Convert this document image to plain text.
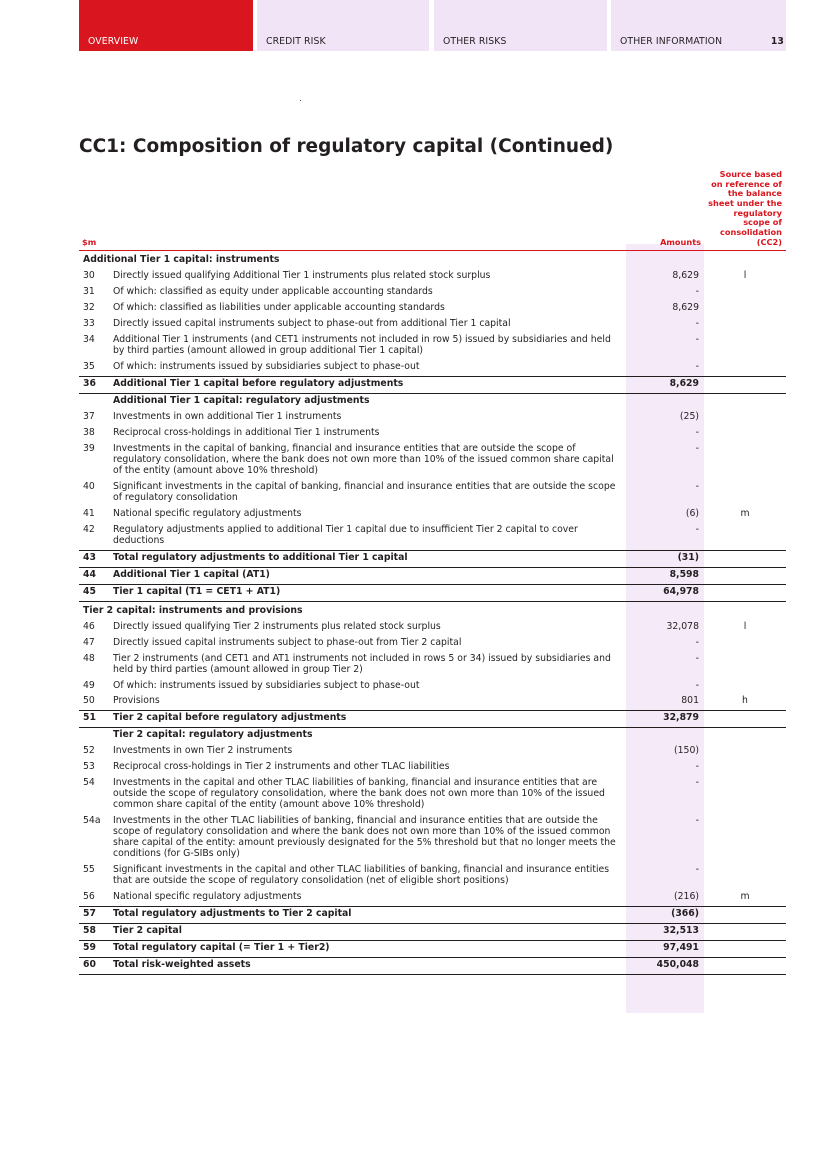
OVERVIEW	CREDIT RISK	OTHER RISKS	OTHER INFORMATION	13
CC1: Composition of regulatory capital (Continued)
$m		Amounts	Source based on reference of the balance sheet under the regulatory scope of consolidation (CC2)
Additional Tier 1 capital: instruments			
30	Directly issued qualifying Additional Tier 1 instruments plus related stock surplus	8,629	l
31	Of which: classified as equity under applicable accounting standards	-	
32	Of which: classified as liabilities under applicable accounting standards	8,629	
33	Directly issued capital instruments subject to phase-out from additional Tier 1 capital	-	
34	Additional Tier 1 instruments (and CET1 instruments not included in row 5) issued by subsidiaries and held by third parties (amount allowed in group additional Tier 1 capital)	-	
35	Of which: instruments issued by subsidiaries subject to phase-out	-	
36	Additional Tier 1 capital before regulatory adjustments	8,629	
	Additional Tier 1 capital: regulatory adjustments		
37	Investments in own additional Tier 1 instruments	(25)	
38	Reciprocal cross-holdings in additional Tier 1 instruments	-	
39	Investments in the capital of banking, financial and insurance entities that are outside the scope of regulatory consolidation, where the bank does not own more than 10% of the issued common share capital of the entity (amount above 10% threshold)	-	
40	Significant investments in the capital of banking, financial and insurance entities that are outside the scope of regulatory consolidation	-	
41	National specific regulatory adjustments	(6)	m
42	Regulatory adjustments applied to additional Tier 1 capital due to insufficient Tier 2 capital to cover deductions	-	
43	Total regulatory adjustments to additional Tier 1 capital	(31)	
44	Additional Tier 1 capital (AT1)	8,598	
45	Tier 1 capital (T1 = CET1 + AT1)	64,978	
Tier 2 capital: instruments and provisions			
46	Directly issued qualifying Tier 2 instruments plus related stock surplus	32,078	l
47	Directly issued capital instruments subject to phase-out from Tier 2 capital	-	
48	Tier 2 instruments (and CET1 and AT1 instruments not included in rows 5 or 34) issued by subsidiaries and held by third parties (amount allowed in group Tier 2)	-	
49	Of which: instruments issued by subsidiaries subject to phase-out	-	
50	Provisions	801	h
51	Tier 2 capital before regulatory adjustments	32,879	
	Tier 2 capital: regulatory adjustments		
52	Investments in own Tier 2 instruments	(150)	
53	Reciprocal cross-holdings in Tier 2 instruments and other TLAC liabilities	-	
54	Investments in the capital and other TLAC liabilities of banking, financial and insurance entities that are outside the scope of regulatory consolidation, where the bank does not own more than 10% of the issued common share capital of the entity (amount above 10% threshold)	-	
54a	Investments in the other TLAC liabilities of banking, financial and insurance entities that are outside the scope of regulatory consolidation and where the bank does not own more than 10% of the issued common share capital of the entity: amount previously designated for the 5% threshold but that no longer meets the conditions (for G-SIBs only)	-	
55	Significant investments in the capital and other TLAC liabilities of banking, financial and insurance entities that are outside the scope of regulatory consolidation (net of eligible short positions)	-	
56	National specific regulatory adjustments	(216)	m
57	Total regulatory adjustments to Tier 2 capital	(366)	
58	Tier 2 capital	32,513	
59	Total regulatory capital (= Tier 1 + Tier2)	97,491	
60	Total risk-weighted assets	450,048	
